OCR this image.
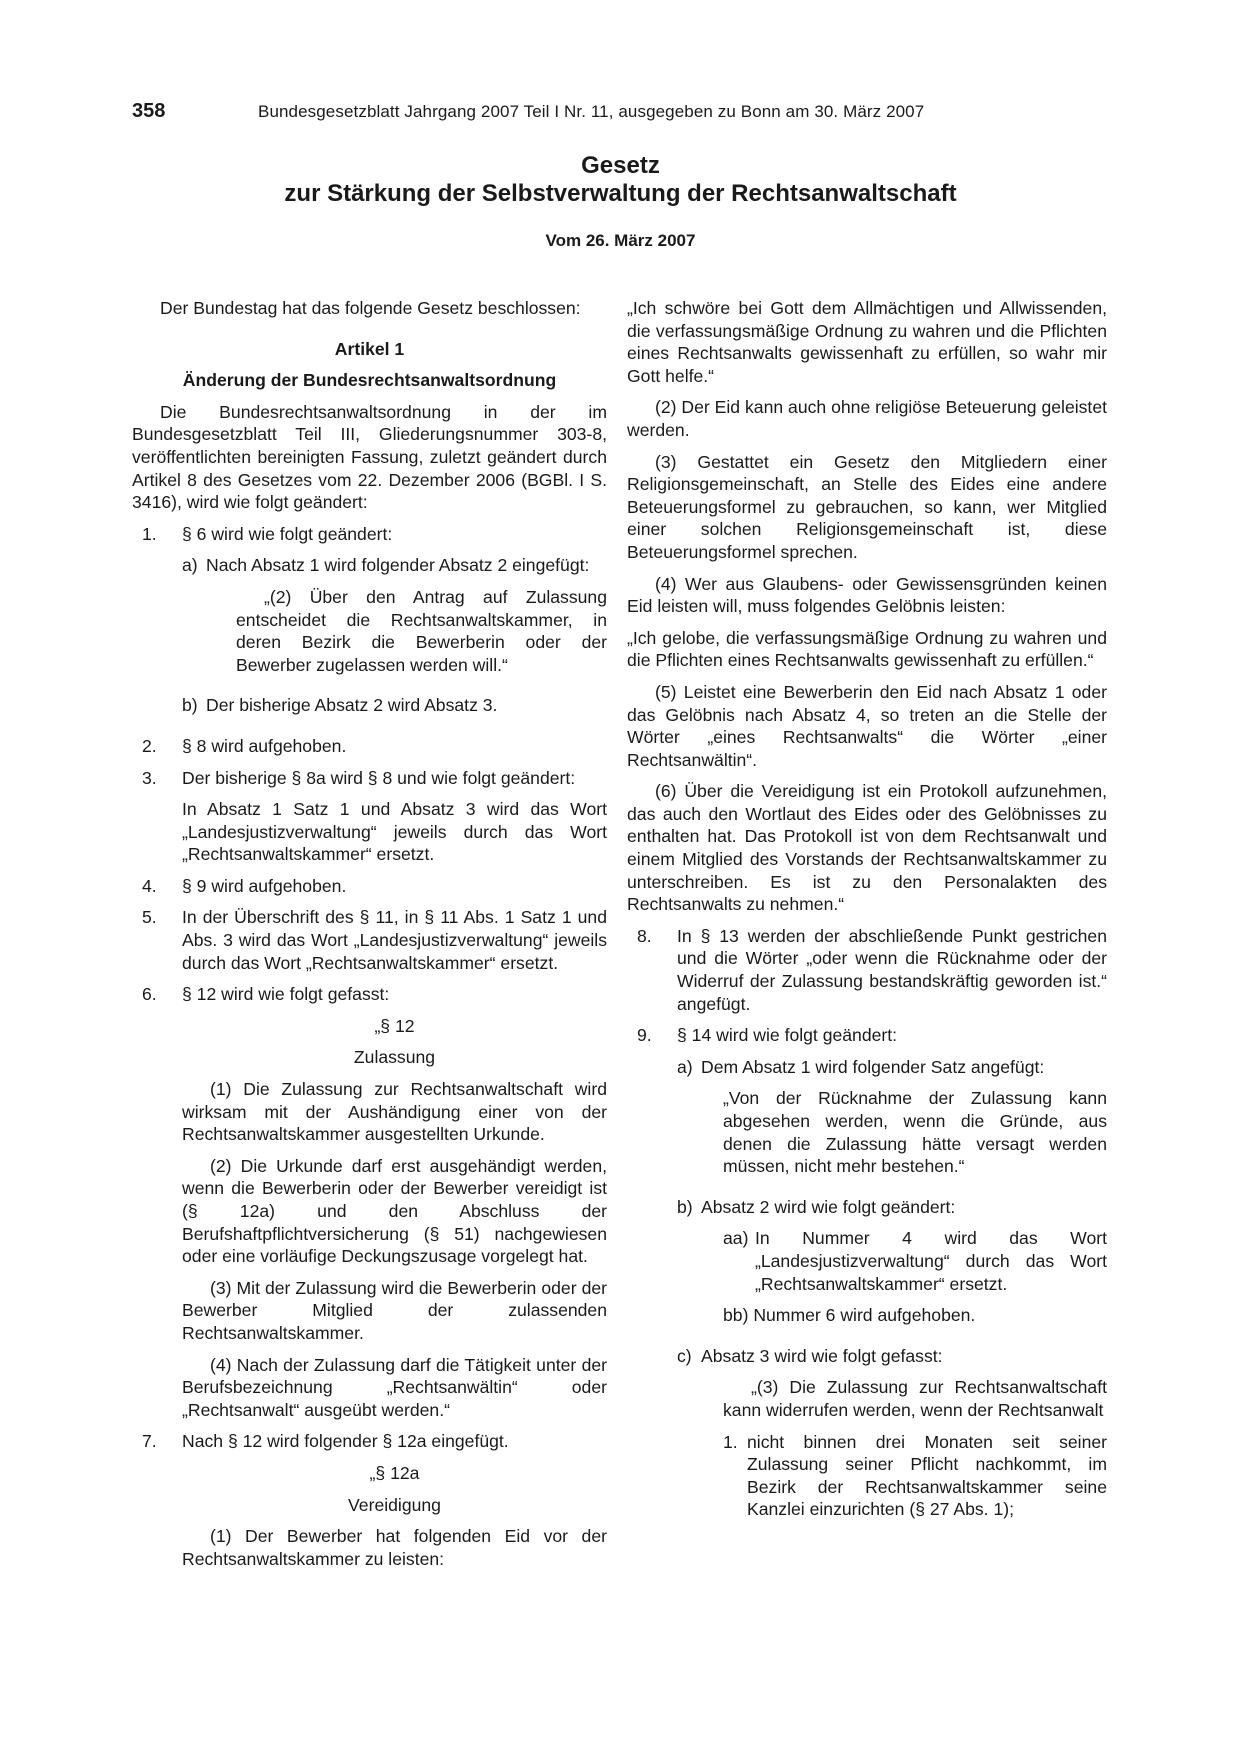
358	Bundesgesetzblatt Jahrgang 2007 Teil I Nr. 11, ausgegeben zu Bonn am 30. März 2007
Gesetz
zur Stärkung der Selbstverwaltung der Rechtsanwaltschaft
Vom 26. März 2007

Der Bundestag hat das folgende Gesetz beschlossen:

Artikel 1
Änderung der Bundesrechtsanwaltsordnung

Die Bundesrechtsanwaltsordnung in der im Bundesgesetzblatt Teil III, Gliederungsnummer 303-8, veröffentlichten bereinigten Fassung, zuletzt geändert durch Artikel 8 des Gesetzes vom 22. Dezember 2006 (BGBl. I S. 3416), wird wie folgt geändert:

1.	§ 6 wird wie folgt geändert:

a) Nach Absatz 1 wird folgender Absatz 2 eingefügt:

„(2) Über den Antrag auf Zulassung entscheidet die Rechtsanwaltskammer, in deren Bezirk die Bewerberin oder der Bewerber zugelassen werden will.“

b) Der bisherige Absatz 2 wird Absatz 3.
2.	§ 8 wird aufgehoben.
3.	Der bisherige § 8a wird § 8 und wie folgt geändert:

In Absatz 1 Satz 1 und Absatz 3 wird das Wort „Landesjustizverwaltung“ jeweils durch das Wort „Rechtsanwaltskammer“ ersetzt.

4.	§ 9 wird aufgehoben.
5.	In der Überschrift des § 11, in § 11 Abs. 1 Satz 1 und Abs. 3 wird das Wort „Landesjustizverwaltung“ jeweils durch das Wort „Rechtsanwaltskammer“ ersetzt.
6.	§ 12 wird wie folgt gefasst:

„§ 12

Zulassung

(1) Die Zulassung zur Rechtsanwaltschaft wird wirksam mit der Aushändigung einer von der Rechtsanwaltskammer ausgestellten Urkunde.

(2) Die Urkunde darf erst ausgehändigt werden, wenn die Bewerberin oder der Bewerber vereidigt ist (§ 12a) und den Abschluss der Berufshaftpflichtversicherung (§ 51) nachgewiesen oder eine vorläufige Deckungszusage vorgelegt hat.

(3) Mit der Zulassung wird die Bewerberin oder der Bewerber Mitglied der zulassenden Rechtsanwaltskammer.

(4) Nach der Zulassung darf die Tätigkeit unter der Berufsbezeichnung „Rechtsanwältin“ oder „Rechtsanwalt“ ausgeübt werden.“

7.	Nach § 12 wird folgender § 12a eingefügt.

„§ 12a

Vereidigung

(1) Der Bewerber hat folgenden Eid vor der Rechtsanwaltskammer zu leisten:

„Ich schwöre bei Gott dem Allmächtigen und Allwissenden, die verfassungsmäßige Ordnung zu wahren und die Pflichten eines Rechtsanwalts gewissenhaft zu erfüllen, so wahr mir Gott helfe.“

(2) Der Eid kann auch ohne religiöse Beteuerung geleistet werden.

(3) Gestattet ein Gesetz den Mitgliedern einer Religionsgemeinschaft, an Stelle des Eides eine andere Beteuerungsformel zu gebrauchen, so kann, wer Mitglied einer solchen Religionsgemeinschaft ist, diese Beteuerungsformel sprechen.

(4) Wer aus Glaubens- oder Gewissensgründen keinen Eid leisten will, muss folgendes Gelöbnis leisten:

„Ich gelobe, die verfassungsmäßige Ordnung zu wahren und die Pflichten eines Rechtsanwalts gewissenhaft zu erfüllen.“

(5) Leistet eine Bewerberin den Eid nach Absatz 1 oder das Gelöbnis nach Absatz 4, so treten an die Stelle der Wörter „eines Rechtsanwalts“ die Wörter „einer Rechtsanwältin“.

(6) Über die Vereidigung ist ein Protokoll aufzunehmen, das auch den Wortlaut des Eides oder des Gelöbnisses zu enthalten hat. Das Protokoll ist von dem Rechtsanwalt und einem Mitglied des Vorstands der Rechtsanwaltskammer zu unterschreiben. Es ist zu den Personalakten des Rechtsanwalts zu nehmen.“

8.	In § 13 werden der abschließende Punkt gestrichen und die Wörter „oder wenn die Rücknahme oder der Widerruf der Zulassung bestandskräftig geworden ist.“ angefügt.
9.	§ 14 wird wie folgt geändert:

a) Dem Absatz 1 wird folgender Satz angefügt:

„Von der Rücknahme der Zulassung kann abgesehen werden, wenn die Gründe, aus denen die Zulassung hätte versagt werden müssen, nicht mehr bestehen.“

b) Absatz 2 wird wie folgt geändert:

aa) In Nummer 4 wird das Wort „Landesjustizverwaltung“ durch das Wort „Rechtsanwaltskammer“ ersetzt.

bb) Nummer 6 wird aufgehoben.

c) Absatz 3 wird wie folgt gefasst:

„(3) Die Zulassung zur Rechtsanwaltschaft kann widerrufen werden, wenn der Rechtsanwalt

1. nicht binnen drei Monaten seit seiner Zulassung seiner Pflicht nachkommt, im Bezirk der Rechtsanwaltskammer seine Kanzlei einzurichten (§ 27 Abs. 1);
